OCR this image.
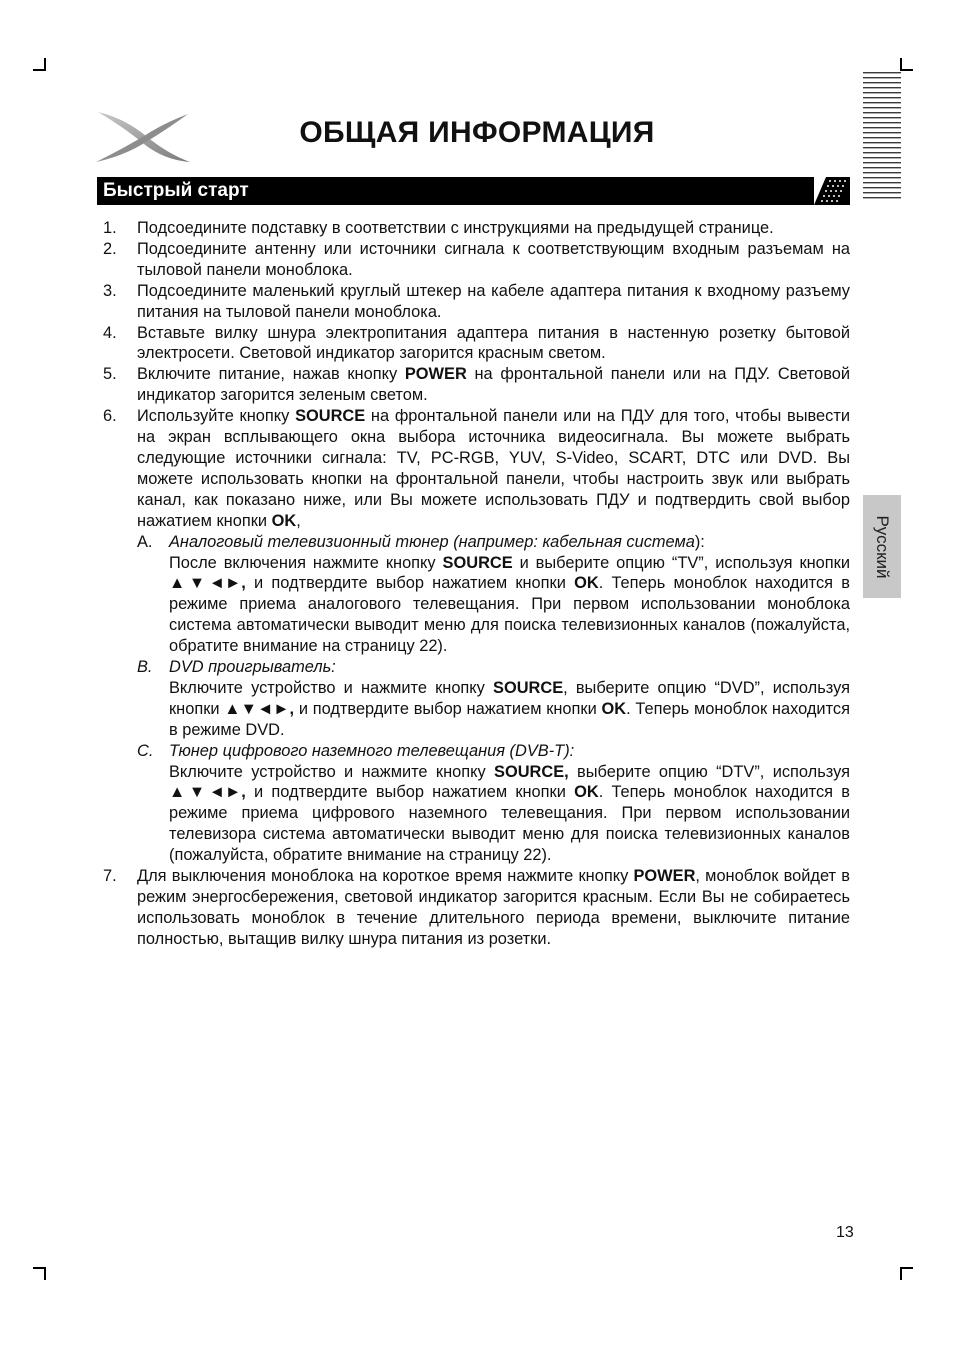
ОБЩАЯ ИНФОРМАЦИЯ
Быстрый старт
Русский
1.	Подсоедините подставку в соответствии с инструкциями на предыдущей странице.
2.	Подсоедините антенну или источники сигнала к соответствующим входным разъемам на тыловой панели моноблока.
3.	Подсоедините маленький круглый штекер на кабеле адаптера питания к входному разъему питания на тыловой панели моноблока.
4.	Вставьте вилку шнура электропитания адаптера питания в настенную розетку бытовой электросети. Световой индикатор загорится красным светом.
5.	Включите питание, нажав кнопку POWER на фронтальной панели или на ПДУ. Световой индикатор загорится зеленым светом.
6.	Используйте кнопку SOURCE на фронтальной панели или на ПДУ для того, чтобы вывести на экран всплывающего окна выбора источника видеосигнала. Вы можете выбрать следующие источники сигнала: TV, PC-RGB, YUV, S-Video, SCART, DTC или DVD. Вы можете использовать кнопки на фронтальной панели, чтобы настроить звук или выбрать канал, как показано ниже, или Вы можете использовать ПДУ и подтвердить свой выбор нажатием кнопки OK,
A.	Аналоговый телевизионный тюнер (например: кабельная система):
После включения нажмите кнопку SOURCE и выберите опцию “TV”, используя кнопки ▲▼◄►, и подтвердите выбор нажатием кнопки OK. Теперь моноблок находится в режиме приема аналогового телевещания. При первом использовании моноблока система автоматически выводит меню для поиска телевизионных каналов (пожалуйста, обратите внимание на страницу 22).
B.	DVD проигрыватель:
Включите устройство и нажмите кнопку SOURCE, выберите опцию “DVD”, используя кнопки ▲▼◄►, и подтвердите выбор нажатием кнопки OK. Теперь моноблок находится в режиме DVD.
C. Тюнер цифрового наземного телевещания (DVB-T):
Включите устройство и нажмите кнопку SOURCE, выберите опцию “DTV”, используя ▲▼◄►, и подтвердите выбор нажатием кнопки OK. Теперь моноблок находится в режиме приема цифрового наземного телевещания. При первом использовании телевизора система автоматически выводит меню для поиска телевизионных каналов (пожалуйста, обратите внимание на страницу 22).
7.	Для выключения моноблока на короткое время нажмите кнопку POWER, моноблок войдет в режим энергосбережения, световой индикатор загорится красным. Если Вы не собираетесь использовать моноблок в течение длительного периода времени, выключите питание полностью, вытащив вилку шнура питания из розетки.
13
